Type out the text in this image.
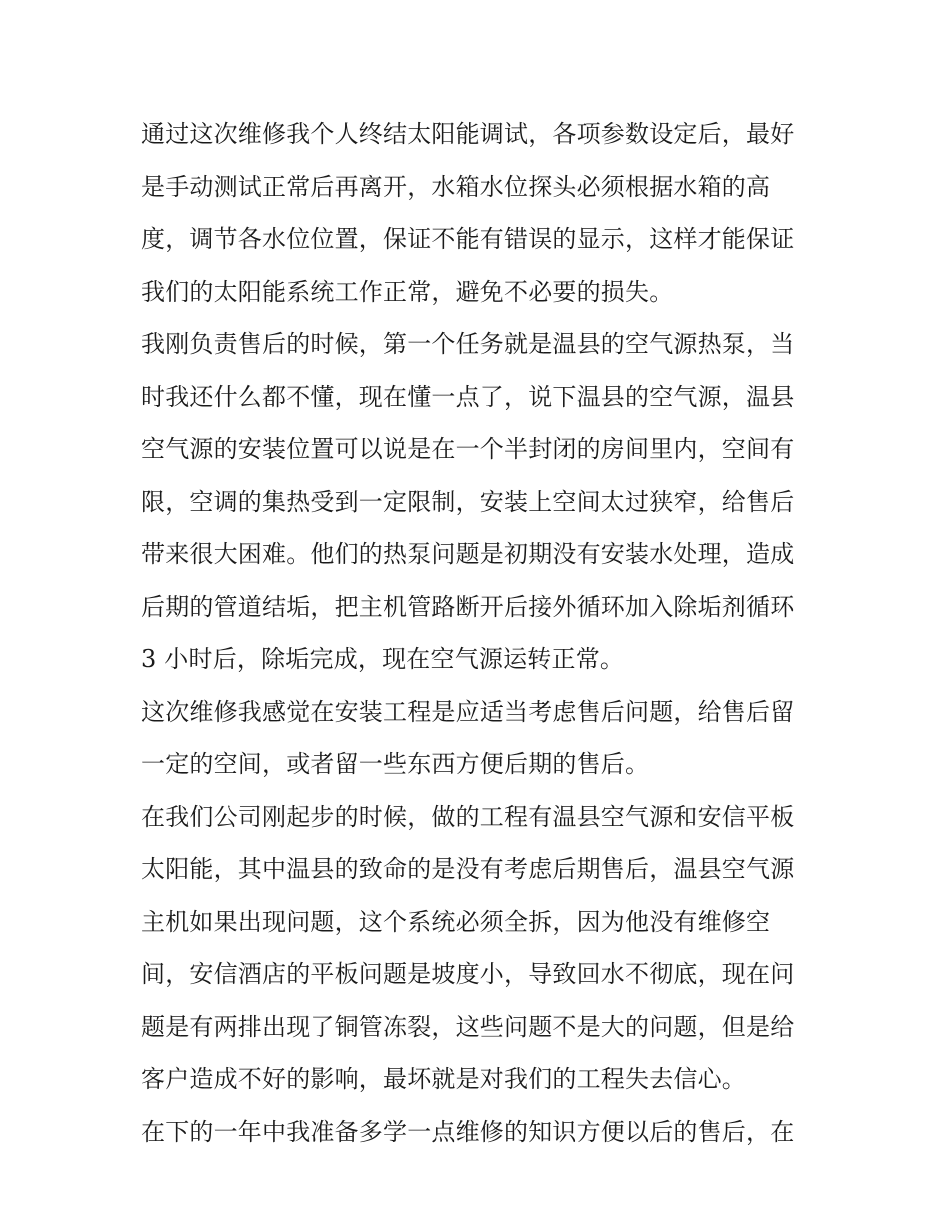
通过这次维修我个人终结太阳能调试，各项参数设定后，最好
是手动测试正常后再离开，水箱水位探头必须根据水箱的高
度，调节各水位位置，保证不能有错误的显示，这样才能保证
我们的太阳能系统工作正常，避免不必要的损失。
我刚负责售后的时候，第一个任务就是温县的空气源热泵，当
时我还什么都不懂，现在懂一点了，说下温县的空气源，温县
空气源的安装位置可以说是在一个半封闭的房间里内，空间有
限，空调的集热受到一定限制，安装上空间太过狭窄，给售后
带来很大困难。他们的热泵问题是初期没有安装水处理，造成
后期的管道结垢，把主机管路断开后接外循环加入除垢剂循环
3 小时后，除垢完成，现在空气源运转正常。
这次维修我感觉在安装工程是应适当考虑售后问题，给售后留
一定的空间，或者留一些东西方便后期的售后。
在我们公司刚起步的时候，做的工程有温县空气源和安信平板
太阳能，其中温县的致命的是没有考虑后期售后，温县空气源
主机如果出现问题，这个系统必须全拆，因为他没有维修空
间，安信酒店的平板问题是坡度小，导致回水不彻底，现在问
题是有两排出现了铜管冻裂，这些问题不是大的问题，但是给
客户造成不好的影响，最坏就是对我们的工程失去信心。
在下的一年中我准备多学一点维修的知识方便以后的售后，在
